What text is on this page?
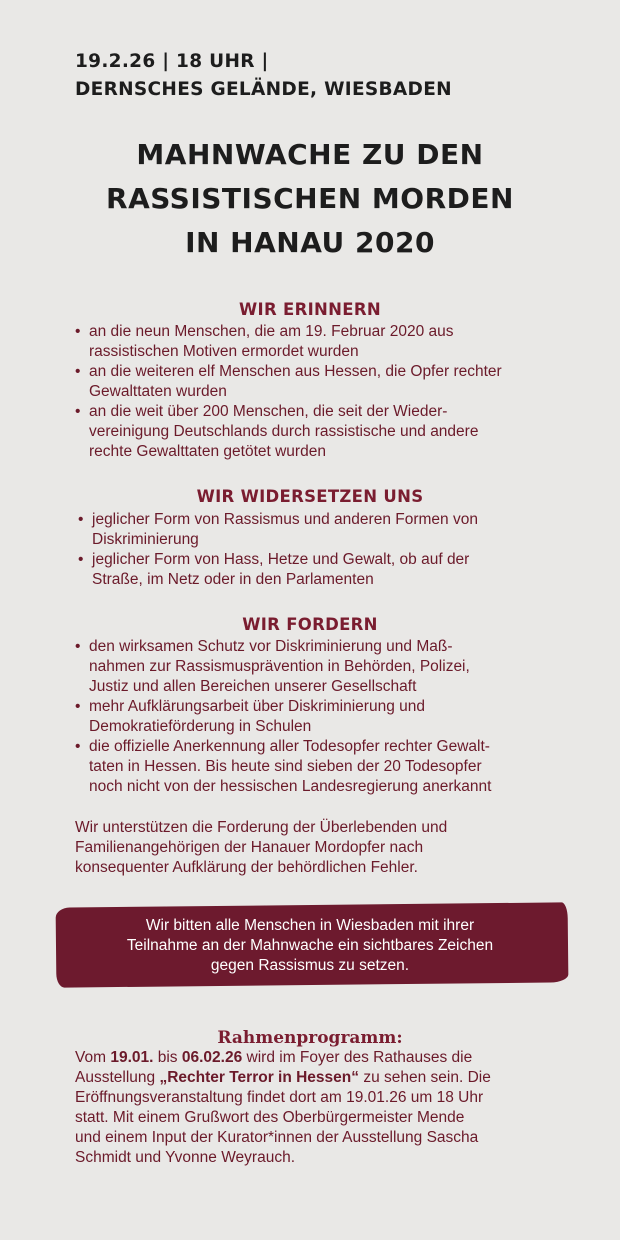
19.2.26 | 18 UHR |
DERNSCHES GELÄNDE, WIESBADEN
MAHNWACHE ZU DEN
RASSISTISCHEN MORDEN
IN HANAU 2020
WIR ERINNERN
• an die neun Menschen, die am 19. Februar 2020 aus
rassistischen Motiven ermordet wurden
• an die weiteren elf Menschen aus Hessen, die Opfer rechter
Gewalttaten wurden
• an die weit über 200 Menschen, die seit der Wieder-
vereinigung Deutschlands durch rassistische und andere
rechte Gewalttaten getötet wurden
WIR WIDERSETZEN UNS
• jeglicher Form von Rassismus und anderen Formen von
Diskriminierung
• jeglicher Form von Hass, Hetze und Gewalt, ob auf der
Straße, im Netz oder in den Parlamenten
WIR FORDERN
• den wirksamen Schutz vor Diskriminierung und Maß-
nahmen zur Rassismusprävention in Behörden, Polizei,
Justiz und allen Bereichen unserer Gesellschaft
• mehr Aufklärungsarbeit über Diskriminierung und
Demokratieförderung in Schulen
• die offizielle Anerkennung aller Todesopfer rechter Gewalt-
taten in Hessen. Bis heute sind sieben der 20 Todesopfer
noch nicht von der hessischen Landesregierung anerkannt
Wir unterstützen die Forderung der Überlebenden und
Familienangehörigen der Hanauer Mordopfer nach
konsequenter Aufklärung der behördlichen Fehler.
Wir bitten alle Menschen in Wiesbaden mit ihrer
Teilnahme an der Mahnwache ein sichtbares Zeichen
gegen Rassismus zu setzen.
Rahmenprogramm:
Vom 19.01. bis 06.02.26 wird im Foyer des Rathauses die
Ausstellung „Rechter Terror in Hessen“ zu sehen sein. Die
Eröffnungsveranstaltung findet dort am 19.01.26 um 18 Uhr
statt. Mit einem Grußwort des Oberbürgermeister Mende
und einem Input der Kurator*innen der Ausstellung Sascha
Schmidt und Yvonne Weyrauch.
